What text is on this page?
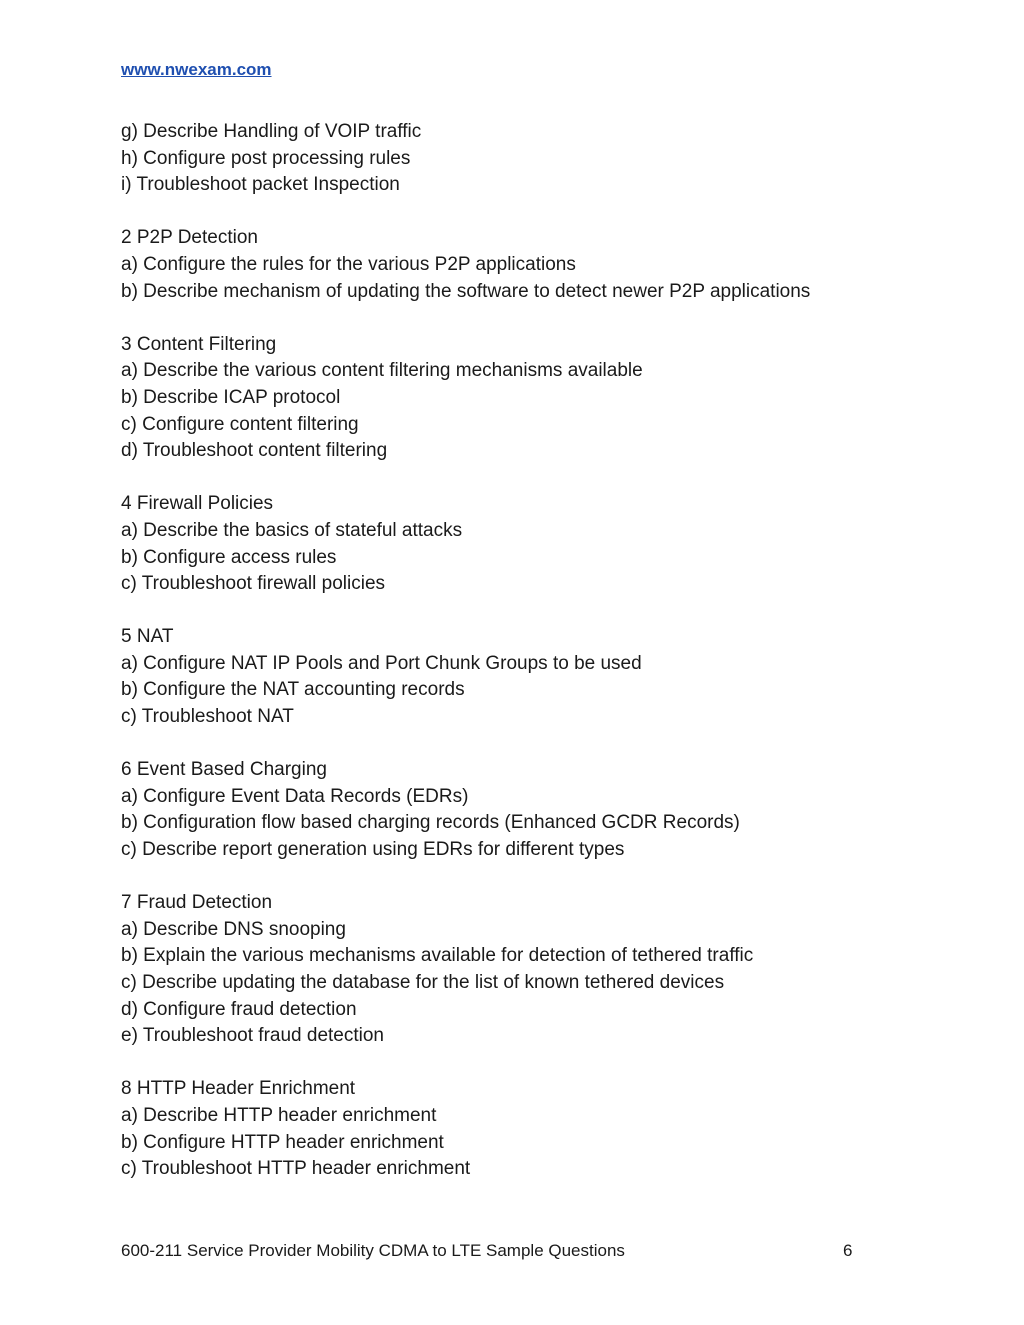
www.nwexam.com
g) Describe Handling of VOIP traffic
h) Configure post processing rules
i) Troubleshoot packet Inspection
2 P2P Detection
a) Configure the rules for the various P2P applications
b) Describe mechanism of updating the software to detect newer P2P applications
3 Content Filtering
a) Describe the various content filtering mechanisms available
b) Describe ICAP protocol
c) Configure content filtering
d) Troubleshoot content filtering
4 Firewall Policies
a) Describe the basics of stateful attacks
b) Configure access rules
c) Troubleshoot firewall policies
5 NAT
a) Configure NAT IP Pools and Port Chunk Groups to be used
b) Configure the NAT accounting records
c) Troubleshoot NAT
6 Event Based Charging
a) Configure Event Data Records (EDRs)
b) Configuration flow based charging records (Enhanced GCDR Records)
c) Describe report generation using EDRs for different types
7 Fraud Detection
a) Describe DNS snooping
b) Explain the various mechanisms available for detection of tethered traffic
c) Describe updating the database for the list of known tethered devices
d) Configure fraud detection
e) Troubleshoot fraud detection
8 HTTP Header Enrichment
a) Describe HTTP header enrichment
b) Configure HTTP header enrichment
c) Troubleshoot HTTP header enrichment
600-211 Service Provider Mobility CDMA to LTE Sample Questions	6
